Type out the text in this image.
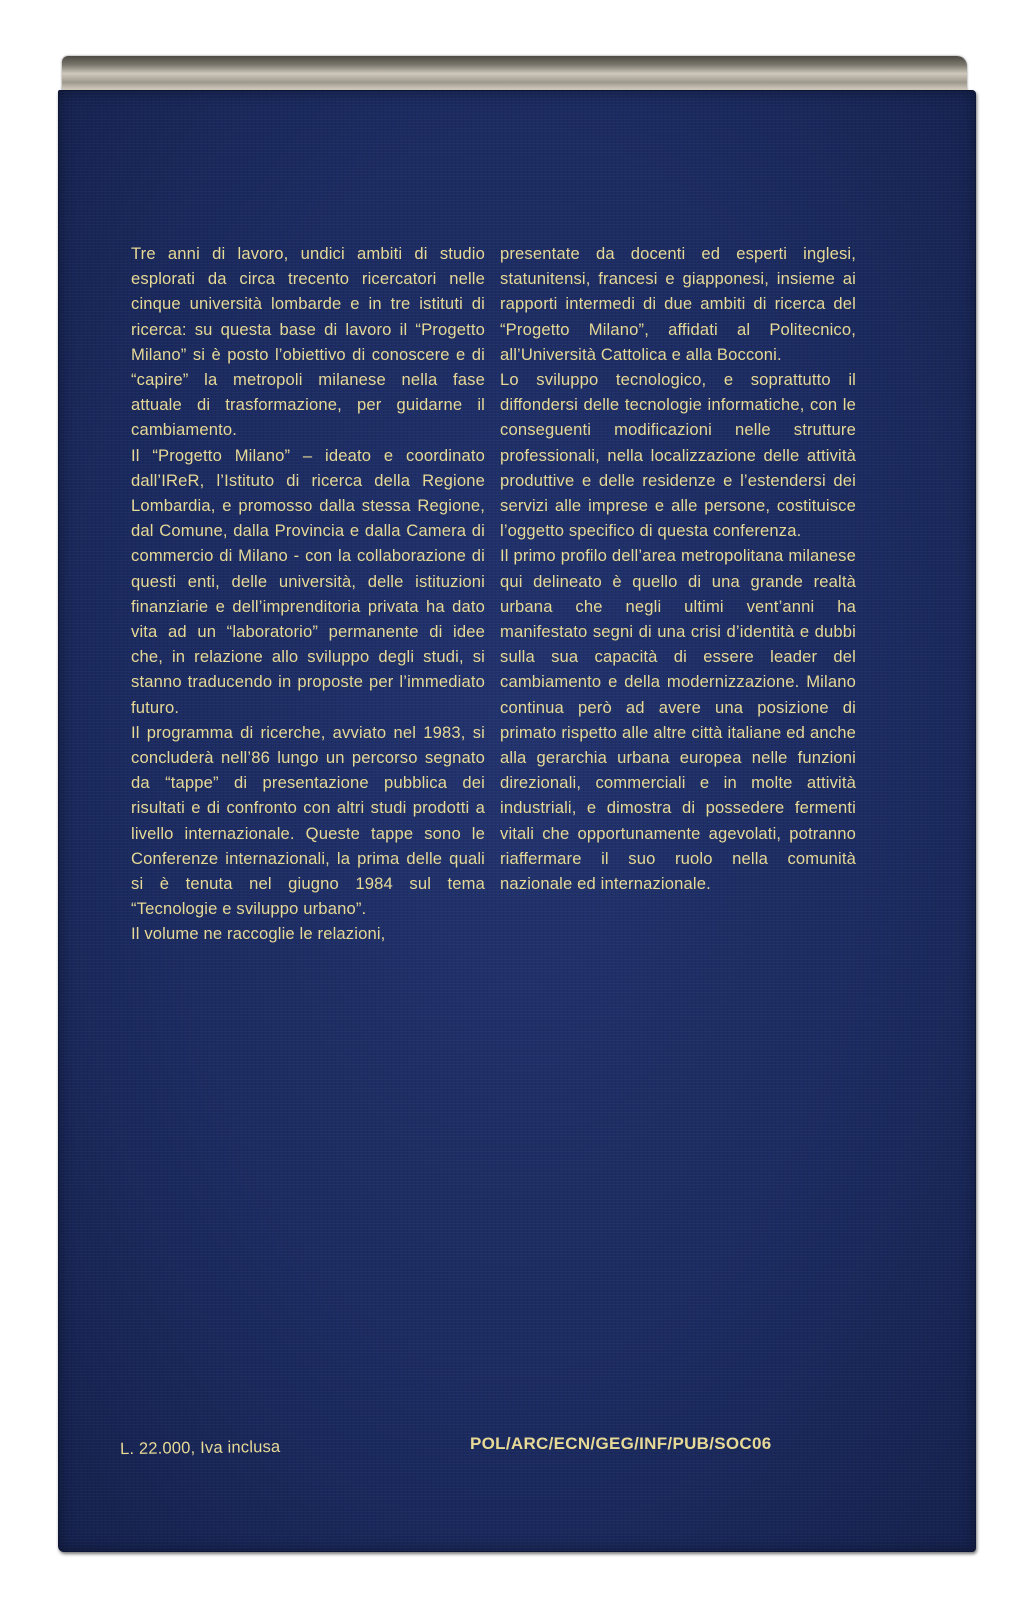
Tre anni di lavoro, undici ambiti di studio esplorati da circa trecento ricercatori nelle cinque università lombarde e in tre istituti di ricerca: su questa base di lavoro il “Progetto Milano” si è posto l’obiettivo di conoscere e di “capire” la metropoli milanese nella fase attuale di trasformazione, per guidarne il cambiamento.

Il “Progetto Milano” – ideato e coordinato dall’IReR, l’Istituto di ricerca della Regione Lombardia, e promosso dalla stessa Regione, dal Comune, dalla Provincia e dalla Camera di commercio di Milano - con la collaborazione di questi enti, delle università, delle istituzioni finanziarie e dell’imprenditoria privata ha dato vita ad un “laboratorio” permanente di idee che, in relazione allo sviluppo degli studi, si stanno traducendo in proposte per l’immediato futuro.

Il programma di ricerche, avviato nel 1983, si concluderà nell’86 lungo un percorso segnato da “tappe” di presentazione pubblica dei risultati e di confronto con altri studi prodotti a livello internazionale. Queste tappe sono le Conferenze internazionali, la prima delle quali si è tenuta nel giugno 1984 sul tema “Tecnologie e sviluppo urbano”.

Il volume ne raccoglie le relazioni,

presentate da docenti ed esperti inglesi, statunitensi, francesi e giapponesi, insieme ai rapporti intermedi di due ambiti di ricerca del “Progetto Milano”, affidati al Politecnico, all’Università Cattolica e alla Bocconi.

Lo sviluppo tecnologico, e soprattutto il diffondersi delle tecnologie informatiche, con le conseguenti modificazioni nelle strutture professionali, nella localizzazione delle attività produttive e delle residenze e l’estendersi dei servizi alle imprese e alle persone, costituisce l’oggetto specifico di questa conferenza.

Il primo profilo dell’area metropolitana milanese qui delineato è quello di una grande realtà urbana che negli ultimi vent’anni ha manifestato segni di una crisi d’identità e dubbi sulla sua capacità di essere leader del cambiamento e della modernizzazione. Milano continua però ad avere una posizione di primato rispetto alle altre città italiane ed anche alla gerarchia urbana europea nelle funzioni direzionali, commerciali e in molte attività industriali, e dimostra di possedere fermenti vitali che opportunamente agevolati, potranno riaffermare il suo ruolo nella comunità nazionale ed internazionale.

L. 22.000, Iva inclusa	POL/ARC/ECN/GEG/INF/PUB/SOC06
